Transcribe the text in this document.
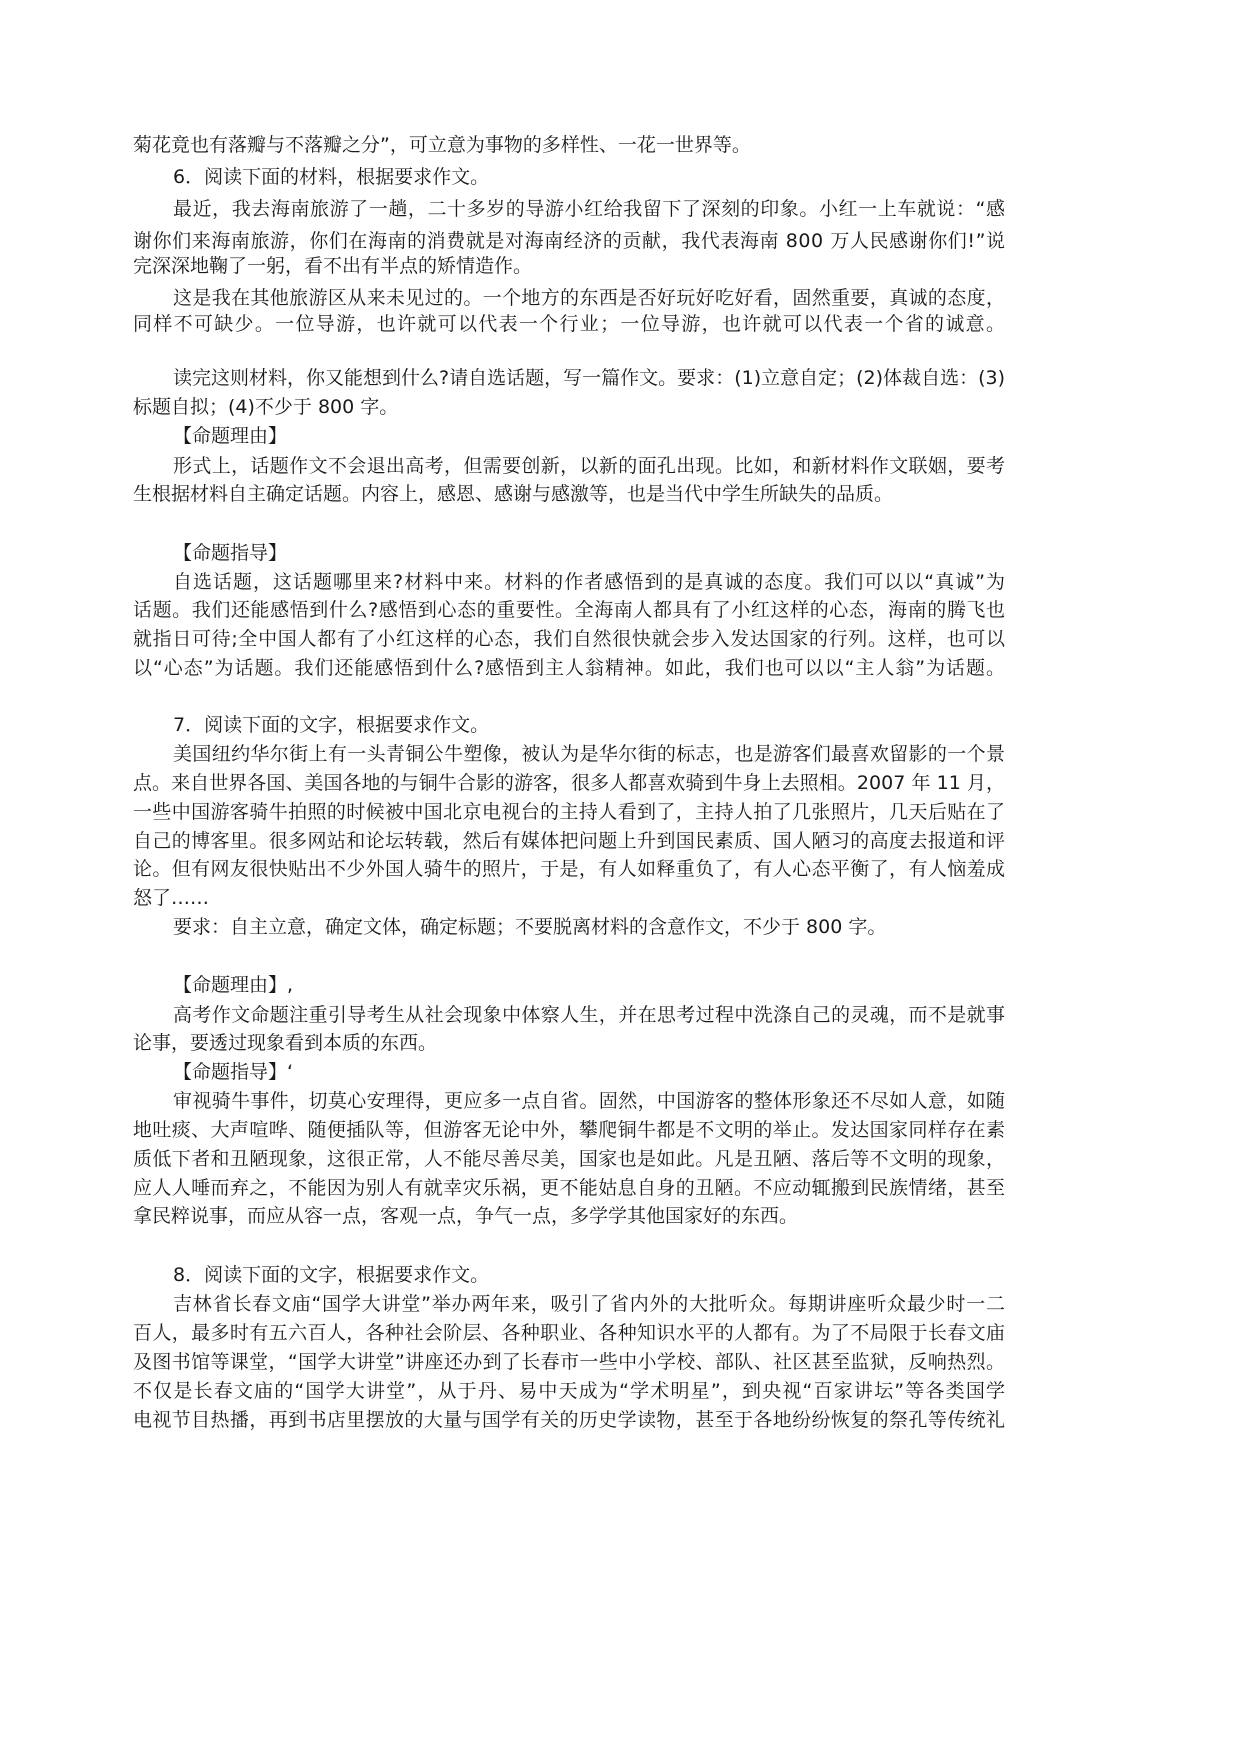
菊花竟也有落瓣与不落瓣之分”，可立意为事物的多样性、一花一世界等。
6．阅读下面的材料，根据要求作文。
最近，我去海南旅游了一趟，二十多岁的导游小红给我留下了深刻的印象。小红一上车就说：“感
谢你们来海南旅游，你们在海南的消费就是对海南经济的贡献，我代表海南 800 万人民感谢你们!”说
完深深地鞠了一躬，看不出有半点的矫情造作。
这是我在其他旅游区从来未见过的。一个地方的东西是否好玩好吃好看，固然重要，真诚的态度，
同样不可缺少。一位导游，也许就可以代表一个行业；一位导游，也许就可以代表一个省的诚意。
读完这则材料，你又能想到什么?请自选话题，写一篇作文。要求：(1)立意自定；(2)体裁自选：(3)
标题自拟；(4)不少于 800 字。
【命题理由】
形式上，话题作文不会退出高考，但需要创新，以新的面孔出现。比如，和新材料作文联姻，要考
生根据材料自主确定话题。内容上，感恩、感谢与感激等，也是当代中学生所缺失的品质。
【命题指导】
自选话题，这话题哪里来?材料中来。材料的作者感悟到的是真诚的态度。我们可以以“真诚”为
话题。我们还能感悟到什么?感悟到心态的重要性。全海南人都具有了小红这样的心态，海南的腾飞也
就指日可待;全中国人都有了小红这样的心态，我们自然很快就会步入发达国家的行列。这样，也可以
以“心态”为话题。我们还能感悟到什么?感悟到主人翁精神。如此，我们也可以以“主人翁”为话题。
7．阅读下面的文字，根据要求作文。
美国纽约华尔街上有一头青铜公牛塑像，被认为是华尔街的标志，也是游客们最喜欢留影的一个景
点。来自世界各国、美国各地的与铜牛合影的游客，很多人都喜欢骑到牛身上去照相。2007 年 11 月，
一些中国游客骑牛拍照的时候被中国北京电视台的主持人看到了，主持人拍了几张照片，几天后贴在了
自己的博客里。很多网站和论坛转载，然后有媒体把问题上升到国民素质、国人陋习的高度去报道和评
论。但有网友很快贴出不少外国人骑牛的照片，于是，有人如释重负了，有人心态平衡了，有人恼羞成
怒了……
要求：自主立意，确定文体，确定标题；不要脱离材料的含意作文，不少于 800 字。
【命题理由】,
高考作文命题注重引导考生从社会现象中体察人生，并在思考过程中洗涤自己的灵魂，而不是就事
论事，要透过现象看到本质的东西。
【命题指导】‘
审视骑牛事件，切莫心安理得，更应多一点自省。固然，中国游客的整体形象还不尽如人意，如随
地吐痰、大声喧哗、随便插队等，但游客无论中外，攀爬铜牛都是不文明的举止。发达国家同样存在素
质低下者和丑陋现象，这很正常，人不能尽善尽美，国家也是如此。凡是丑陋、落后等不文明的现象，
应人人唾而弃之，不能因为别人有就幸灾乐祸，更不能姑息自身的丑陋。不应动辄搬到民族情绪，甚至
拿民粹说事，而应从容一点，客观一点，争气一点，多学学其他国家好的东西。
8．阅读下面的文字，根据要求作文。
吉林省长春文庙“国学大讲堂”举办两年来，吸引了省内外的大批听众。每期讲座听众最少时一二
百人，最多时有五六百人，各种社会阶层、各种职业、各种知识水平的人都有。为了不局限于长春文庙
及图书馆等课堂，“国学大讲堂”讲座还办到了长春市一些中小学校、部队、社区甚至监狱，反响热烈。
不仅是长春文庙的“国学大讲堂”，从于丹、易中天成为“学术明星”，到央视“百家讲坛”等各类国学
电视节目热播，再到书店里摆放的大量与国学有关的历史学读物，甚至于各地纷纷恢复的祭孔等传统礼
